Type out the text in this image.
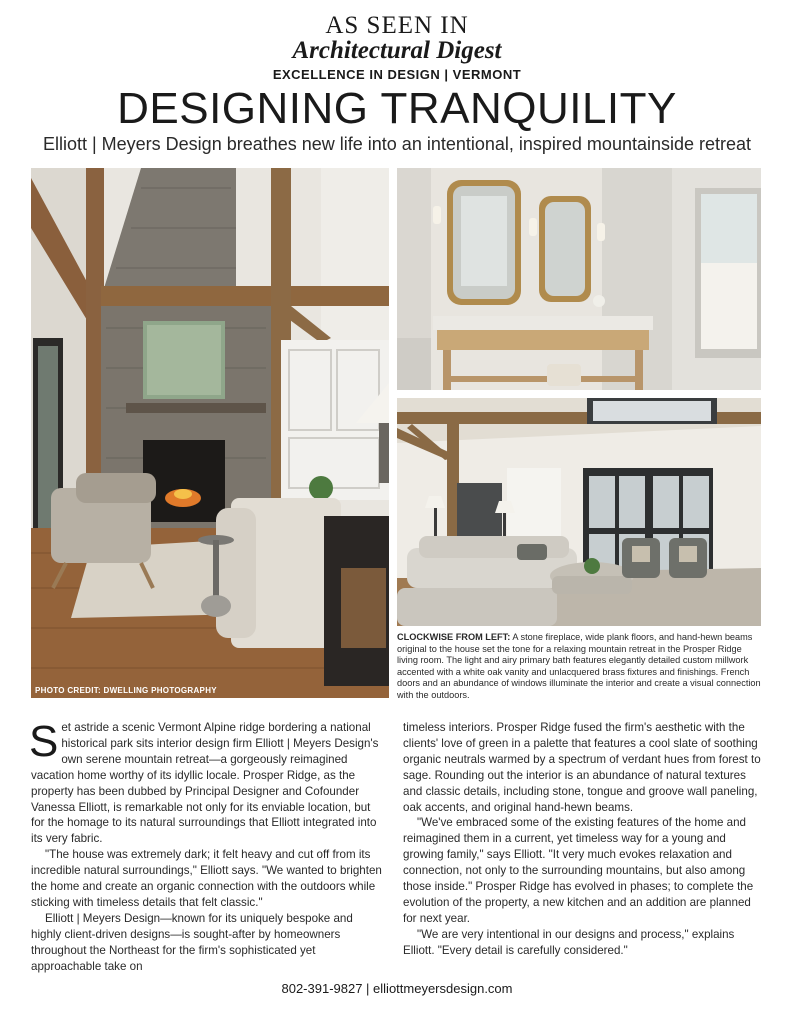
AS SEEN IN
Architectural Digest
EXCELLENCE IN DESIGN | VERMONT
DESIGNING TRANQUILITY
Elliott | Meyers Design breathes new life into an intentional, inspired mountainside retreat
PHOTO CREDIT: DWELLING PHOTOGRAPHY
CLOCKWISE FROM LEFT: A stone fireplace, wide plank floors, and hand-hewn beams original to the house set the tone for a relaxing mountain retreat in the Prosper Ridge living room. The light and airy primary bath features elegantly detailed custom millwork accented with a white oak vanity and unlacquered brass fixtures and finishings. French doors and an abundance of windows illuminate the interior and create a visual connection with the outdoors.

Set astride a scenic Vermont Alpine ridge bordering a national historical park sits interior design firm Elliott | Meyers Design's own serene mountain retreat—a gorgeously reimagined vacation home worthy of its idyllic locale. Prosper Ridge, as the property has been dubbed by Principal Designer and Cofounder Vanessa Elliott, is remarkable not only for its enviable location, but for the homage to its natural surroundings that Elliott integrated into its very fabric.

"The house was extremely dark; it felt heavy and cut off from its incredible natural surroundings," Elliott says. "We wanted to brighten the home and create an organic connection with the outdoors while sticking with timeless details that felt classic."

Elliott | Meyers Design—known for its uniquely bespoke and highly client-driven designs—is sought-after by homeowners throughout the Northeast for the firm's sophisticated yet approachable take on

timeless interiors. Prosper Ridge fused the firm's aesthetic with the clients' love of green in a palette that features a cool slate of soothing organic neutrals warmed by a spectrum of verdant hues from forest to sage. Rounding out the interior is an abundance of natural textures and classic details, including stone, tongue and groove wall paneling, oak accents, and original hand-hewn beams.

"We've embraced some of the existing features of the home and reimagined them in a current, yet timeless way for a young and growing family," says Elliott. "It very much evokes relaxation and connection, not only to the surrounding mountains, but also among those inside." Prosper Ridge has evolved in phases; to complete the evolution of the property, a new kitchen and an addition are planned for next year.

"We are very intentional in our designs and process," explains Elliott. "Every detail is carefully considered."

802-391-9827 | elliottmeyersdesign.com
